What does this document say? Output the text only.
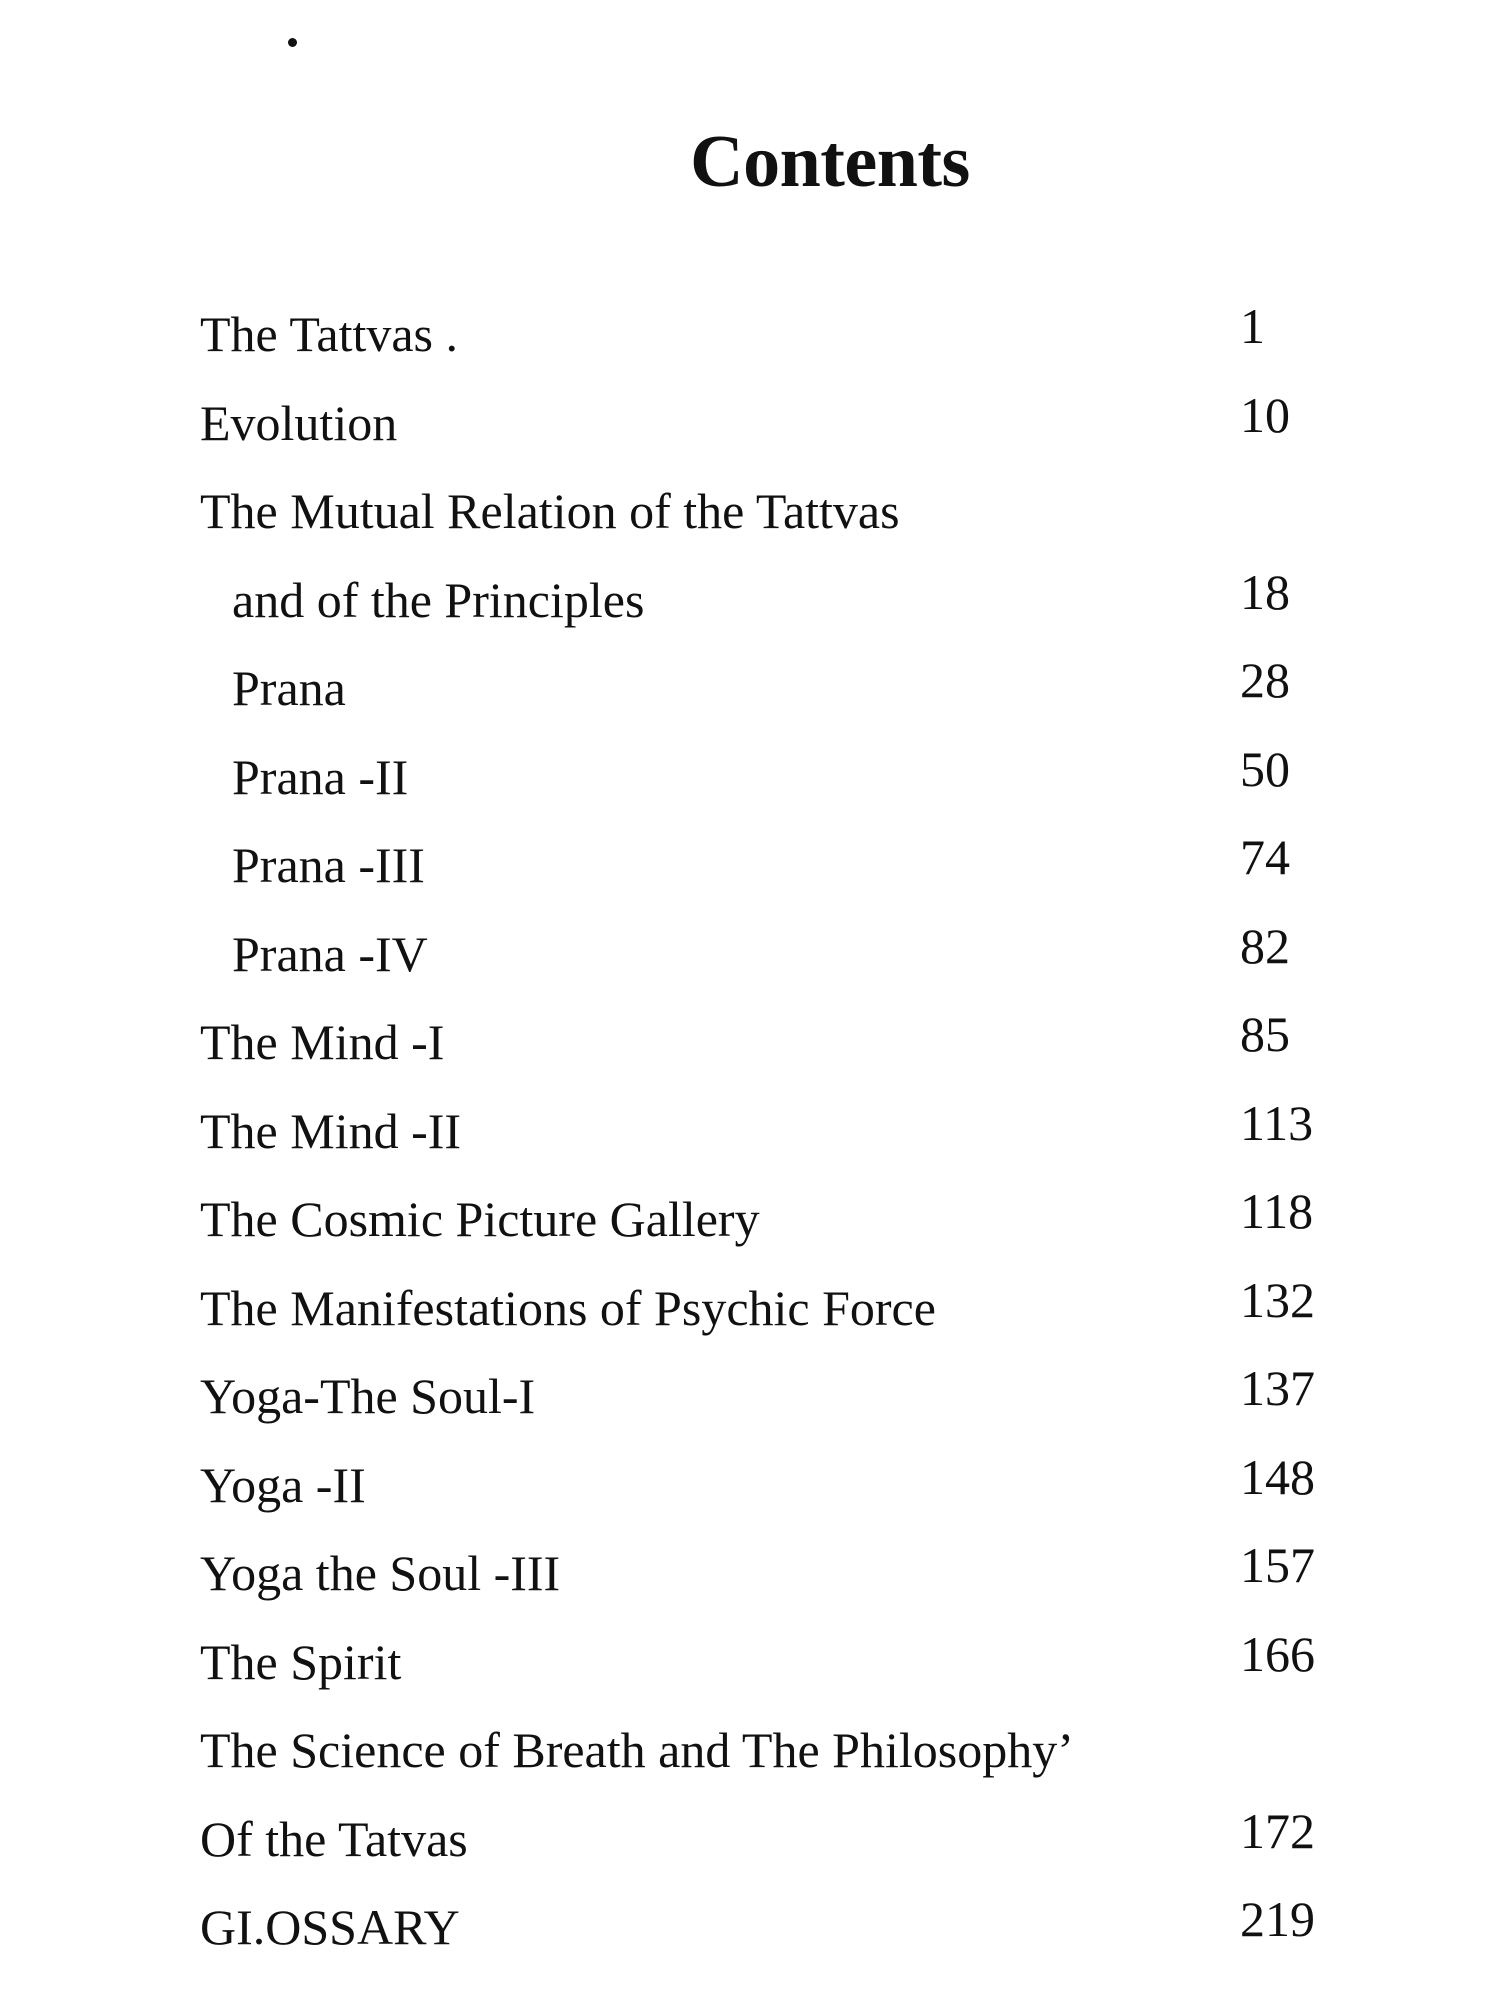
Contents
The Tattvas .	1
Evolution	10
The Mutual Relation of the Tattvas
and of the Principles	18
Prana	28
Prana -II	50
Prana -III	74
Prana -IV	82
The Mind -I	85
The Mind -II	113
The Cosmic Picture Gallery	118
The Manifestations of Psychic Force	132
Yoga-The Soul-I	137
Yoga -II	148
Yoga the Soul -III	157
The Spirit	166
The Science of Breath and The Philosophy’
Of the Tatvas	172
GI.OSSARY	219
